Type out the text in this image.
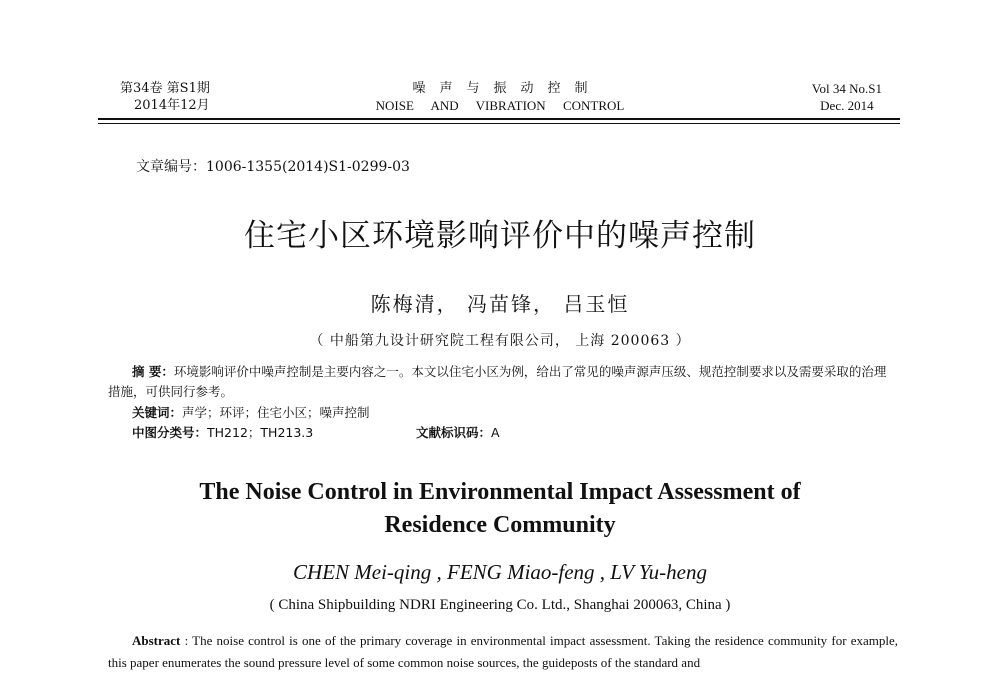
第34卷 第S1期
2014年12月
噪声与振动控制
NOISE AND VIBRATION CONTROL
Vol 34 No.S1
Dec. 2014
文章编号：1006-1355(2014)S1-0299-03
住宅小区环境影响评价中的噪声控制
陈梅清， 冯苗锋， 吕玉恒
（ 中船第九设计研究院工程有限公司， 上海 200063 ）
摘 要：环境影响评价中噪声控制是主要内容之一。本文以住宅小区为例，给出了常见的噪声源声压级、规范控制要求以及需要采取的治理措施，可供同行参考。
关键词：声学；环评；住宅小区；噪声控制
中图分类号：TH212；TH213.3	文献标识码：A
The Noise Control in Environmental Impact Assessment of Residence Community
CHEN Mei-qing , FENG Miao-feng , LV Yu-heng
( China Shipbuilding NDRI Engineering Co. Ltd., Shanghai 200063, China )
Abstract : The noise control is one of the primary coverage in environmental impact assessment. Taking the residence community for example, this paper enumerates the sound pressure level of some common noise sources, the guideposts of the standard and
